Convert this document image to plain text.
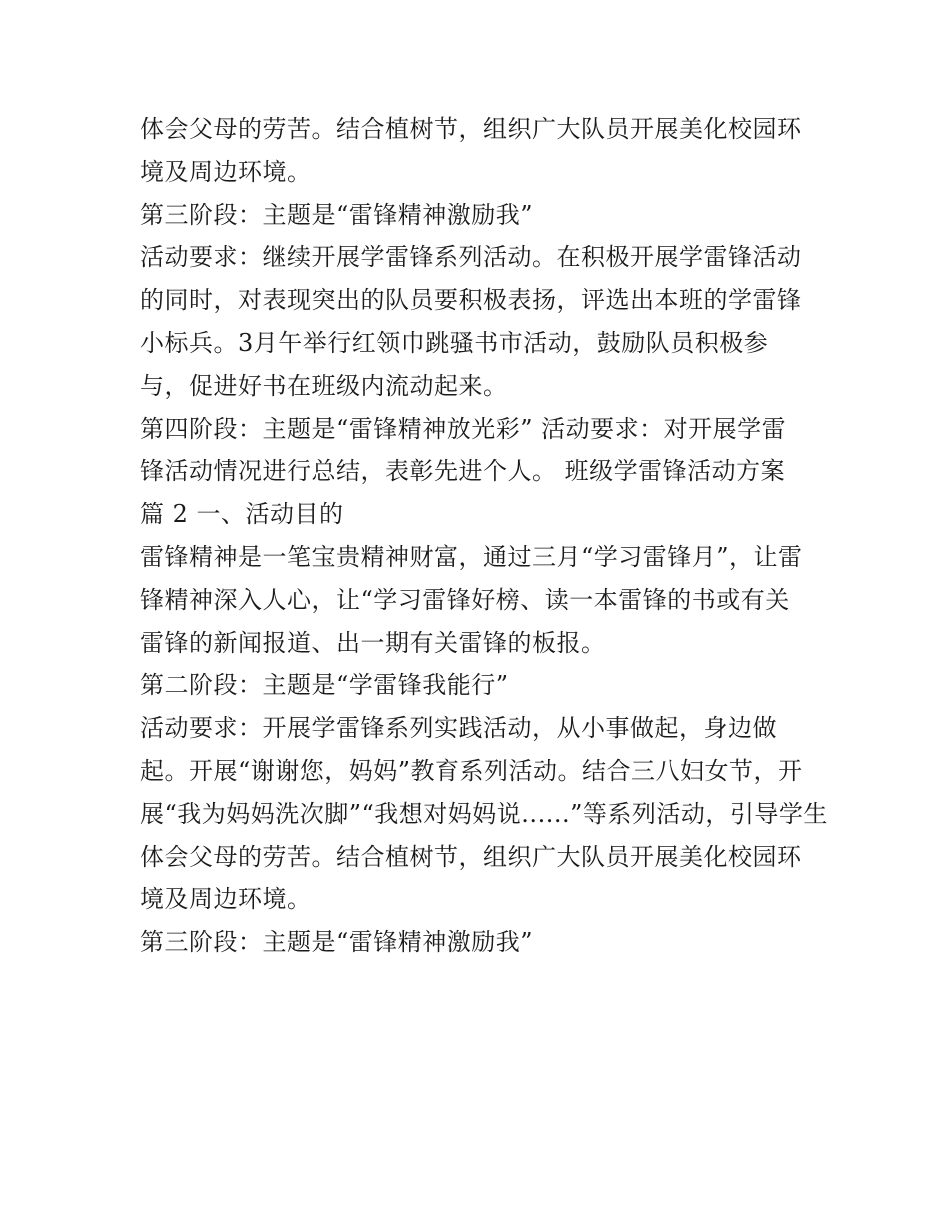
体会父母的劳苦。结合植树节，组织广大队员开展美化校园环
境及周边环境。
第三阶段：主题是“雷锋精神激励我”
活动要求：继续开展学雷锋系列活动。在积极开展学雷锋活动
的同时，对表现突出的队员要积极表扬，评选出本班的学雷锋
小标兵。3月午举行红领巾跳骚书市活动，鼓励队员积极参
与，促进好书在班级内流动起来。
第四阶段：主题是“雷锋精神放光彩” 活动要求：对开展学雷
锋活动情况进行总结，表彰先进个人。 班级学雷锋活动方案
篇 2 一、活动目的
雷锋精神是一笔宝贵精神财富，通过三月“学习雷锋月”，让雷
锋精神深入人心，让“学习雷锋好榜、读一本雷锋的书或有关
雷锋的新闻报道、出一期有关雷锋的板报。
第二阶段：主题是“学雷锋我能行”
活动要求：开展学雷锋系列实践活动，从小事做起，身边做
起。开展“谢谢您，妈妈”教育系列活动。结合三八妇女节，开
展“我为妈妈洗次脚”“我想对妈妈说......”等系列活动，引导学生
体会父母的劳苦。结合植树节，组织广大队员开展美化校园环
境及周边环境。
第三阶段：主题是“雷锋精神激励我”
